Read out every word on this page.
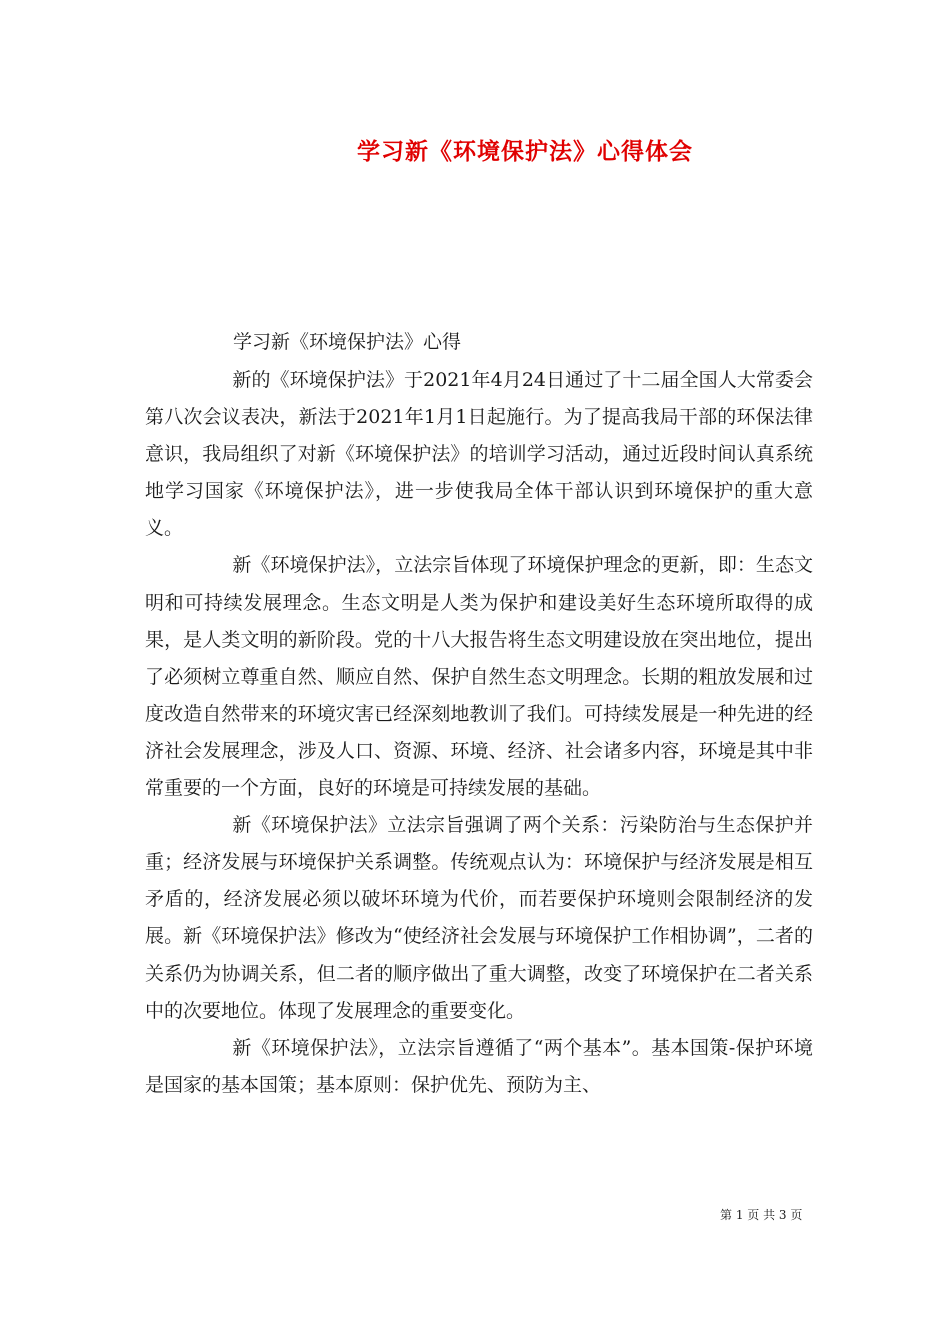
学习新《环境保护法》心得体会
学习新《环境保护法》心得

新的《环境保护法》于2021年4月24日通过了十二届全国人大常委会第八次会议表决，新法于2021年1月1日起施行。为了提高我局干部的环保法律意识，我局组织了对新《环境保护法》的培训学习活动，通过近段时间认真系统地学习国家《环境保护法》，进一步使我局全体干部认识到环境保护的重大意义。

新《环境保护法》，立法宗旨体现了环境保护理念的更新，即：生态文明和可持续发展理念。生态文明是人类为保护和建设美好生态环境所取得的成果，是人类文明的新阶段。党的十八大报告将生态文明建设放在突出地位，提出了必须树立尊重自然、顺应自然、保护自然生态文明理念。长期的粗放发展和过度改造自然带来的环境灾害已经深刻地教训了我们。可持续发展是一种先进的经济社会发展理念，涉及人口、资源、环境、经济、社会诸多内容，环境是其中非常重要的一个方面，良好的环境是可持续发展的基础。

新《环境保护法》立法宗旨强调了两个关系：污染防治与生态保护并重；经济发展与环境保护关系调整。传统观点认为：环境保护与经济发展是相互矛盾的，经济发展必须以破坏环境为代价，而若要保护环境则会限制经济的发展。新《环境保护法》修改为“使经济社会发展与环境保护工作相协调”，二者的关系仍为协调关系，但二者的顺序做出了重大调整，改变了环境保护在二者关系中的次要地位。体现了发展理念的重要变化。

新《环境保护法》，立法宗旨遵循了“两个基本”。基本国策-保护环境是国家的基本国策；基本原则：保护优先、预防为主、

第 1 页 共 3 页
